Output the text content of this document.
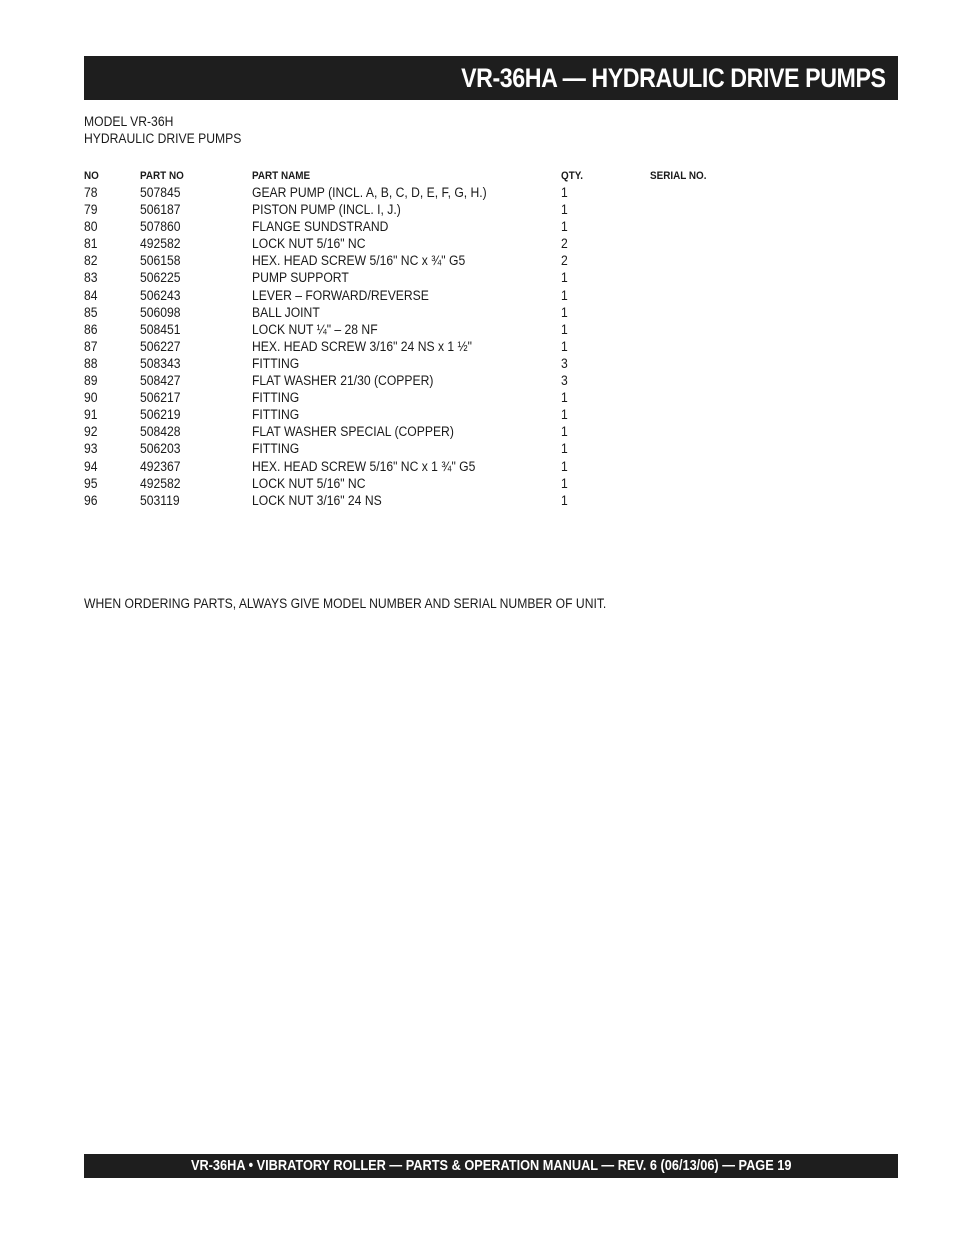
VR-36HA — HYDRAULIC DRIVE PUMPS
MODEL VR-36H
HYDRAULIC DRIVE PUMPS
NO	PART NO	PART NAME	QTY.	SERIAL NO.
78	507845	GEAR PUMP (INCL. A, B, C, D, E, F, G, H.)	1	
79	506187	PISTON PUMP (INCL. I, J.)	1	
80	507860	FLANGE SUNDSTRAND	1	
81	492582	LOCK NUT 5/16" NC	2	
82	506158	HEX. HEAD SCREW 5/16" NC x ¾" G5	2	
83	506225	PUMP SUPPORT	1	
84	506243	LEVER – FORWARD/REVERSE	1	
85	506098	BALL JOINT	1	
86	508451	LOCK NUT ¼" – 28 NF	1	
87	506227	HEX. HEAD SCREW 3/16" 24 NS x 1 ½"	1	
88	508343	FITTING	3	
89	508427	FLAT WASHER 21/30 (COPPER)	3	
90	506217	FITTING	1	
91	506219	FITTING	1	
92	508428	FLAT WASHER SPECIAL (COPPER)	1	
93	506203	FITTING	1	
94	492367	HEX. HEAD SCREW 5/16" NC x 1 ¾" G5	1	
95	492582	LOCK NUT 5/16" NC	1	
96	503119	LOCK NUT 3/16" 24 NS	1	
WHEN ORDERING PARTS, ALWAYS GIVE MODEL NUMBER AND SERIAL NUMBER OF UNIT.
VR-36HA • VIBRATORY ROLLER — PARTS & OPERATION MANUAL — REV. 6 (06/13/06) — PAGE 19
